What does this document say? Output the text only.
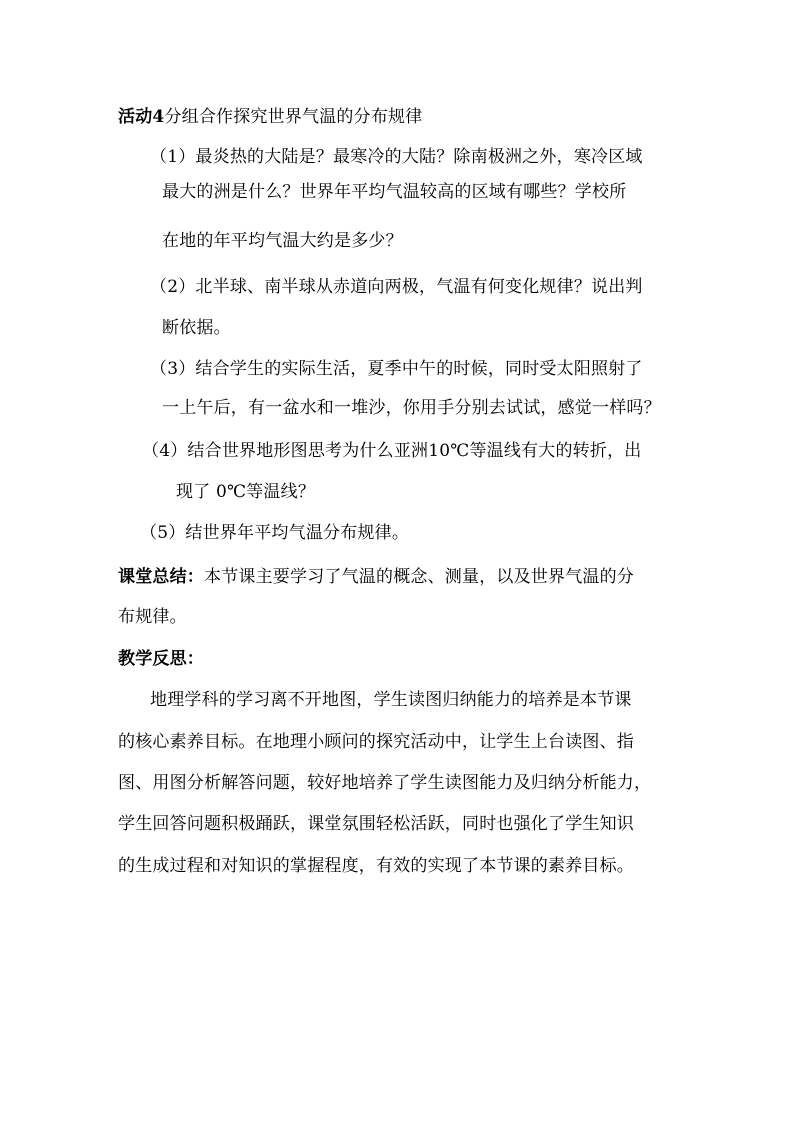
活动4分组合作探究世界气温的分布规律
（1）最炎热的大陆是？最寒冷的大陆？除南极洲之外，寒冷区域
最大的洲是什么？世界年平均气温较高的区域有哪些？学校所
在地的年平均气温大约是多少？
（2）北半球、南半球从赤道向两极，气温有何变化规律？说出判
断依据。
（3）结合学生的实际生活，夏季中午的时候，同时受太阳照射了
一上午后，有一盆水和一堆沙，你用手分别去试试，感觉一样吗？
（4）结合世界地形图思考为什么亚洲10℃等温线有大的转折，出
现了 0℃等温线？
（5）结世界年平均气温分布规律。
课堂总结：本节课主要学习了气温的概念、测量，以及世界气温的分
布规律。
教学反思：
地理学科的学习离不开地图，学生读图归纳能力的培养是本节课
的核心素养目标。在地理小顾问的探究活动中，让学生上台读图、指
图、用图分析解答问题，较好地培养了学生读图能力及归纳分析能力，
学生回答问题积极踊跃，课堂氛围轻松活跃，同时也强化了学生知识
的生成过程和对知识的掌握程度，有效的实现了本节课的素养目标。
